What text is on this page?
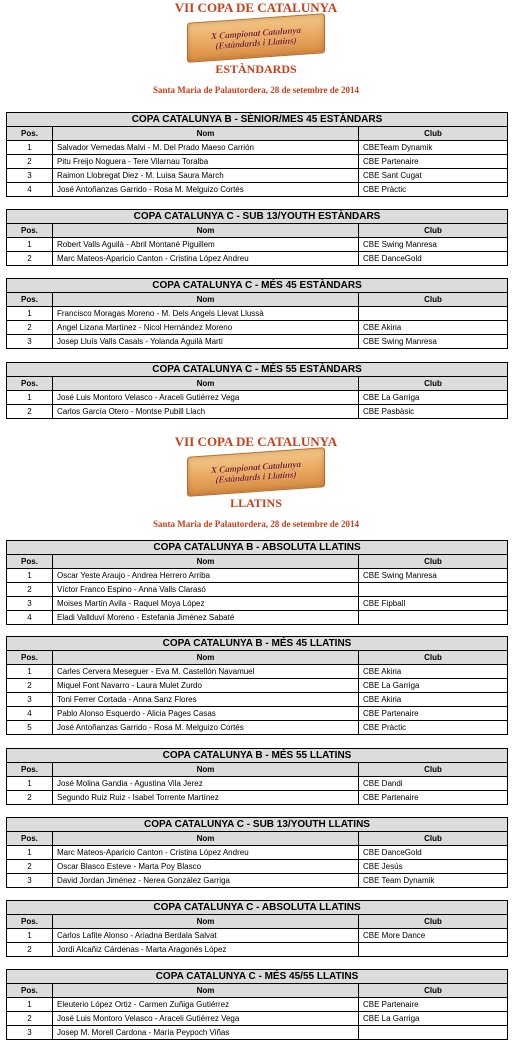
VII COPA DE CATALUNYA
X Campionat Catalunya (Estàndards i Llatins)
ESTÀNDARDS
Santa Maria de Palautordera, 28 de setembre de 2014
COPA CATALUNYA B - SÈNIOR/MES 45 ESTÀNDARS		
Pos.	Nom	Club
1	Salvador Vernedas Malvi - M. Del Prado Maeso Carrión	CBETeam Dynamik
2	Pitu Freijo Noguera - Tere Vilarnau Toralba	CBE Partenaire
3	Raimon Llobregat Diez - M. Luisa Saura March	CBE Sant Cugat
4	José Antoñanzas Garrido - Rosa M. Melguizo Cortés	CBE Pràctic
COPA CATALUNYA C - SUB 13/YOUTH ESTÀNDARS		
Pos.	Nom	Club
1	Robert Valls Aguilà - Abril Montané Piguillem	CBE Swing Manresa
2	Marc Mateos-Aparicio Canton - Cristina López Andreu	CBE DanceGold
COPA CATALUNYA C - MÉS 45 ESTÀNDARS		
Pos.	Nom	Club
1	Francisco Moragas Moreno - M. Dels Angels Llevat Llussà	
2	Angel Lizana Martínez - Nicol Hernández Moreno	CBE Akiria
3	Josep Lluís Valls Casals - Yolanda Aguilà Marti	CBE Swing Manresa
COPA CATALUNYA C - MÉS 55 ESTÀNDARS		
Pos.	Nom	Club
1	José Luis Montoro Velasco - Araceli Gutiérrez Vega	CBE La Garriga
2	Carlos García Otero - Montse Pubill Llach	CBE Pasbàsic
VII COPA DE CATALUNYA
X Campionat Catalunya (Estàndards i Llatins)
LLATINS
Santa Maria de Palautordera, 28 de setembre de 2014
COPA CATALUNYA B - ABSOLUTA LLATINS		
Pos.	Nom	Club
1	Oscar Yeste Araujo - Andrea Herrero Arriba	CBE Swing Manresa
2	Víctor Franco Espino - Anna Valls Clarasó	
3	Moises Martín Avila - Raquel Moya López	CBE Fipball
4	Eladi Vallduví Moreno - Estefania Jiménez Sabaté	
COPA CATALUNYA B - MÉS 45 LLATINS		
Pos.	Nom	Club
1	Carles Cervera Meseguer - Eva M. Castellón Navamuel	CBE Akiria
2	Miquel Font Navarro - Laura Mulet Zurdo	CBE La Garriga
3	Toni Ferrer Cortada - Anna Sanz Flores	CBE Akiria
4	Pablo Alonso Esquerdo - Alicia Pages Casas	CBE Partenaire
5	José Antoñanzas Garrido - Rosa M. Melguizo Cortés	CBE Pràctic
COPA CATALUNYA B - MÉS 55 LLATINS		
Pos.	Nom	Club
1	José Molina Gandia - Agustina Vila Jerez	CBE Dandi
2	Segundo Ruiz Ruiz - Isabel Torrente Martínez	CBE Partenaire
COPA CATALUNYA C - SUB 13/YOUTH LLATINS		
Pos.	Nom	Club
1	Marc Mateos-Aparicio Canton - Cristina López Andreu	CBE DanceGold
2	Oscar Blasco Esteve - Marta Poy Blasco	CBE Jesús
3	David Jordan Jiménez - Nerea González Garriga	CBE Team Dynamik
COPA CATALUNYA C - ABSOLUTA LLATINS		
Pos.	Nom	Club
1	Carlos Lafite Alonso - Ariadna Berdala Salvat	CBE More Dance
2	Jordi Alcañiz Cárdenas - Marta Aragonés López	
COPA CATALUNYA C - MÉS 45/55 LLATINS		
Pos.	Nom	Club
1	Eleuterio López Ortiz - Carmen Zuñiga Gutiérrez	CBE Partenaire
2	José Luis Montoro Velasco - Araceli Gutiérrez Vega	CBE La Garriga
3	Josep M. Morell Cardona - María Peypoch Viñas	
